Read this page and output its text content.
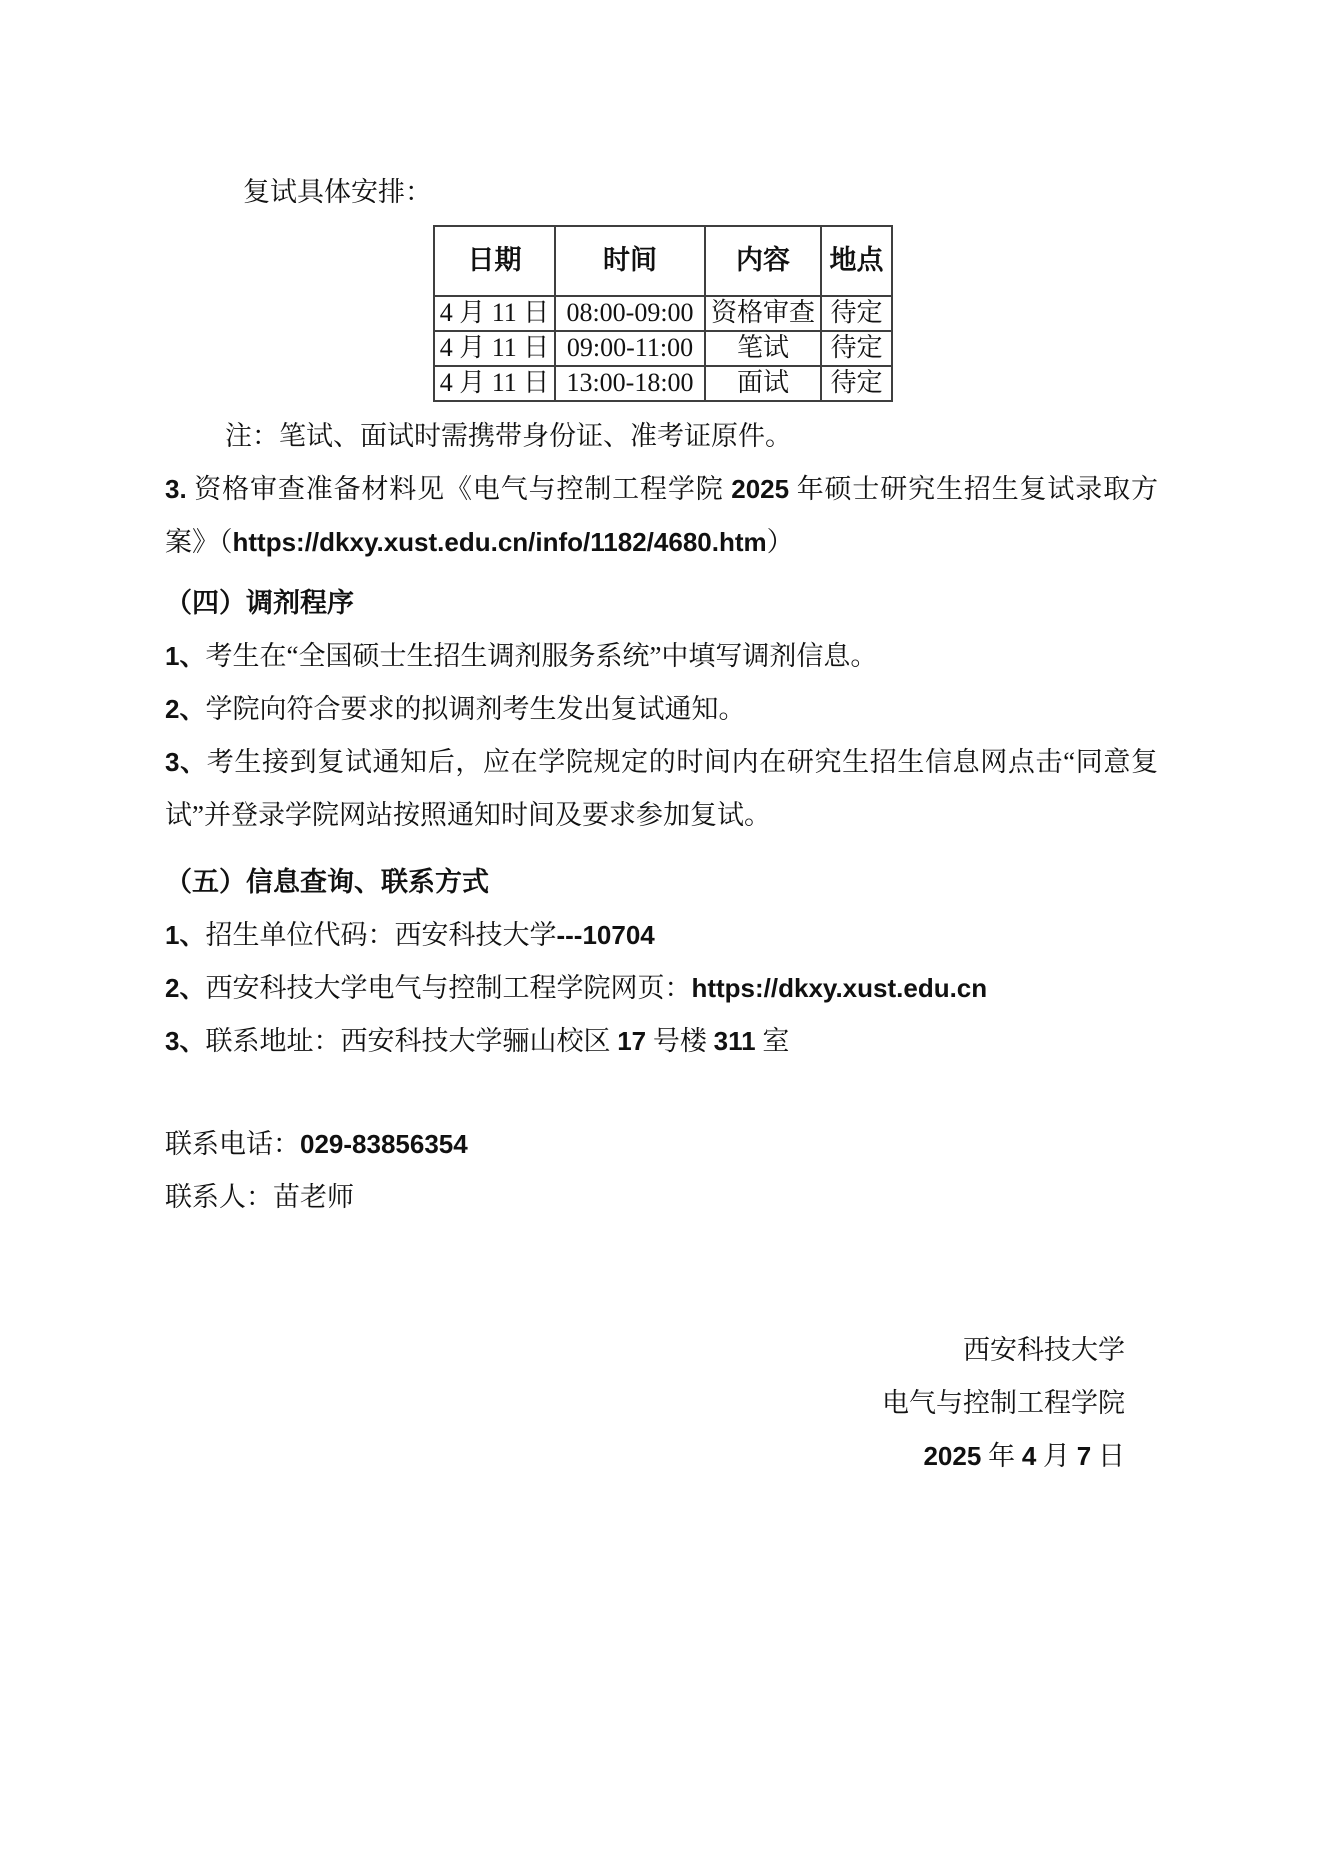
复试具体安排：

日期	时间	内容	地点
4 月 11 日	08:00-09:00	资格审查	待定
4 月 11 日	09:00-11:00	笔试	待定
4 月 11 日	13:00-18:00	面试	待定

注：笔试、面试时需携带身份证、准考证原件。

3. 资格审查准备材料见《电气与控制工程学院 2025 年硕士研究生招生复试录取方案》（https://dkxy.xust.edu.cn/info/1182/4680.htm）

（四）调剂程序

1、考生在“全国硕士生招生调剂服务系统”中填写调剂信息。

2、学院向符合要求的拟调剂考生发出复试通知。

3、考生接到复试通知后，应在学院规定的时间内在研究生招生信息网点击“同意复试”并登录学院网站按照通知时间及要求参加复试。

（五）信息查询、联系方式

1、招生单位代码：西安科技大学---10704

2、西安科技大学电气与控制工程学院网页：https://dkxy.xust.edu.cn

3、联系地址：西安科技大学骊山校区 17 号楼 311 室

联系电话：029-83856354

联系人：苗老师

西安科技大学

电气与控制工程学院

2025 年 4 月 7 日
